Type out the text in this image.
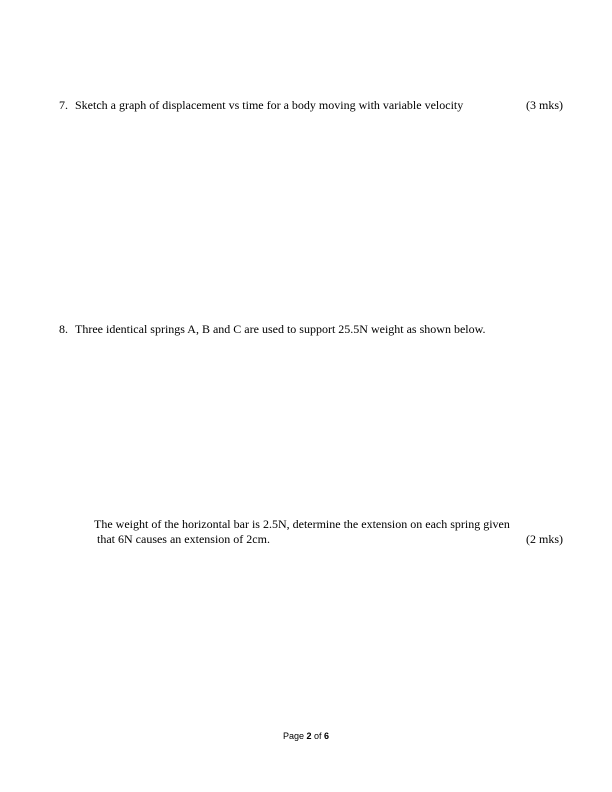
7. Sketch a graph of displacement vs time for a body moving with variable velocity	(3 mks)
8. Three identical springs A, B and C are used to support 25.5N weight as shown below.
The weight of the horizontal bar is 2.5N, determine the extension on each spring given
that 6N causes an extension of 2cm.	(2 mks)
Page 2 of 6
